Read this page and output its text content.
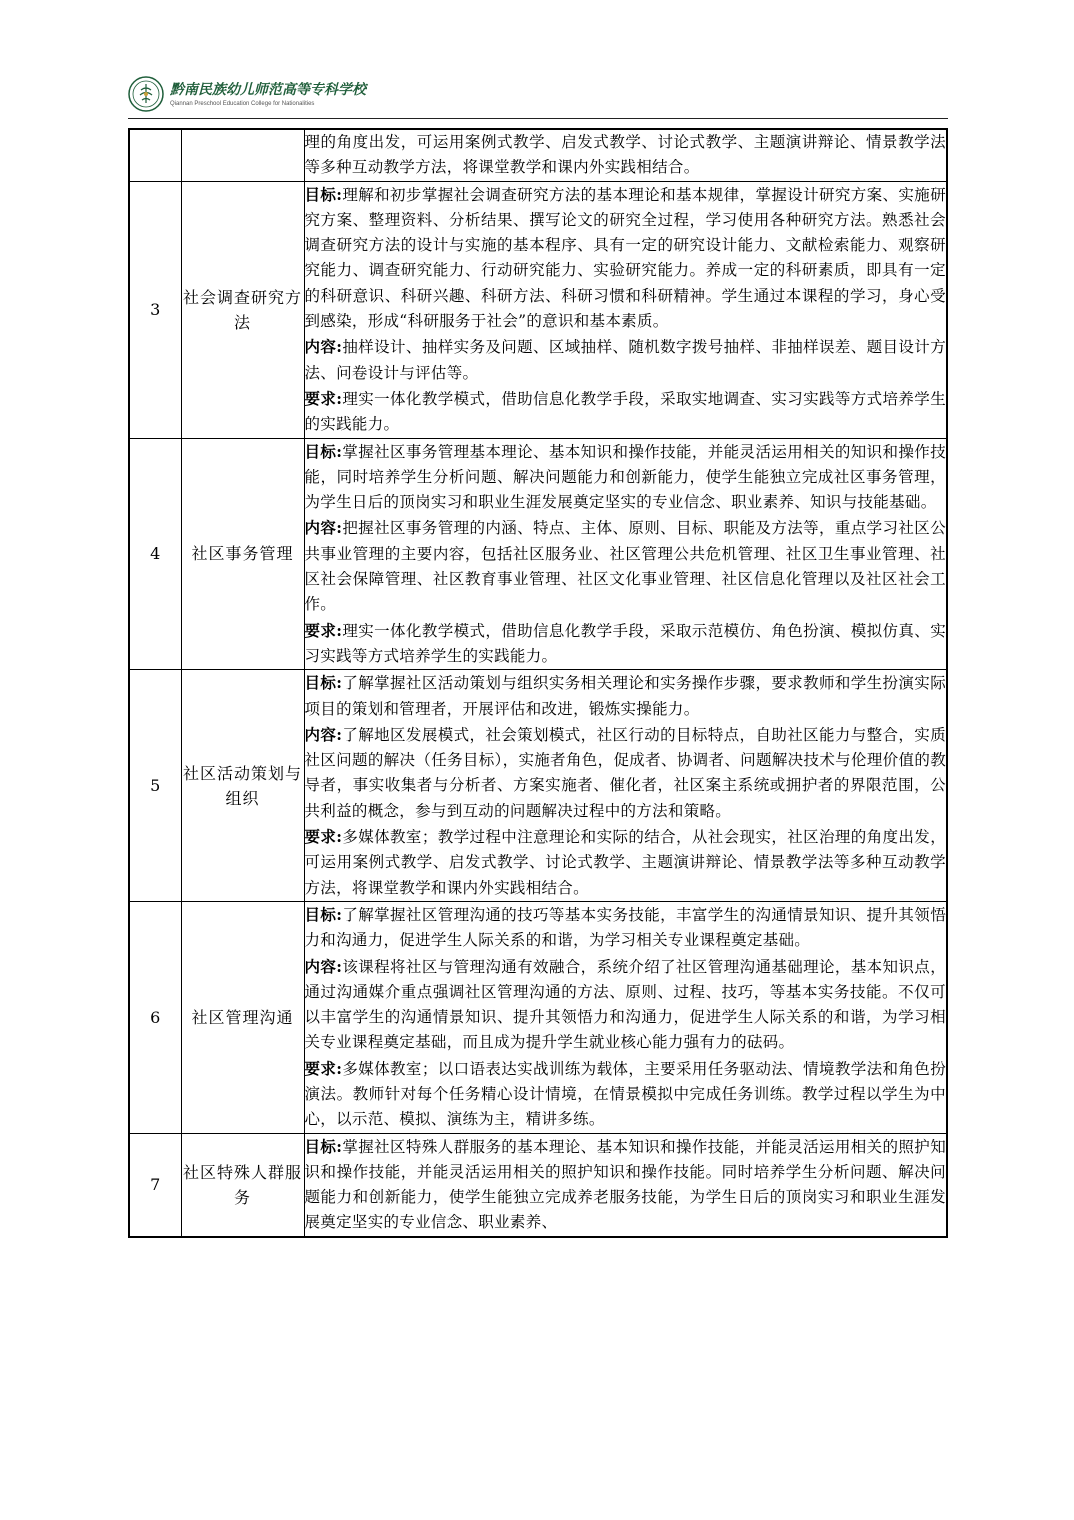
黔南民族幼儿师范高等专科学校
Qiannan Preschool Education College for Nationalities

		理的角度出发，可运用案例式教学、启发式教学、讨论式教学、主题演讲辩论、情景教学法等多种互动教学方法，将课堂教学和课内外实践相结合。

3	社会调查研究方法	目标:理解和初步掌握社会调查研究方法的基本理论和基本规律，掌握设计研究方案、实施研究方案、整理资料、分析结果、撰写论文的研究全过程，学习使用各种研究方法。熟悉社会调查研究方法的设计与实施的基本程序、具有一定的研究设计能力、文献检索能力、观察研究能力、调查研究能力、行动研究能力、实验研究能力。养成一定的科研素质，即具有一定的科研意识、科研兴趣、科研方法、科研习惯和科研精神。学生通过本课程的学习，身心受到感染，形成“科研服务于社会”的意识和基本素质。

内容:抽样设计、抽样实务及问题、区域抽样、随机数字拨号抽样、非抽样误差、题目设计方法、问卷设计与评估等。

要求:理实一体化教学模式，借助信息化教学手段，采取实地调查、实习实践等方式培养学生的实践能力。

4	社区事务管理	目标:掌握社区事务管理基本理论、基本知识和操作技能，并能灵活运用相关的知识和操作技能，同时培养学生分析问题、解决问题能力和创新能力，使学生能独立完成社区事务管理，为学生日后的顶岗实习和职业生涯发展奠定坚实的专业信念、职业素养、知识与技能基础。

内容:把握社区事务管理的内涵、特点、主体、原则、目标、职能及方法等，重点学习社区公共事业管理的主要内容，包括社区服务业、社区管理公共危机管理、社区卫生事业管理、社区社会保障管理、社区教育事业管理、社区文化事业管理、社区信息化管理以及社区社会工作。

要求:理实一体化教学模式，借助信息化教学手段，采取示范模仿、角色扮演、模拟仿真、实习实践等方式培养学生的实践能力。

5	社区活动策划与组织	目标:了解掌握社区活动策划与组织实务相关理论和实务操作步骤，要求教师和学生扮演实际项目的策划和管理者，开展评估和改进，锻炼实操能力。

内容:了解地区发展模式，社会策划模式，社区行动的目标特点，自助社区能力与整合，实质社区问题的解决（任务目标），实施者角色，促成者、协调者、问题解决技术与伦理价值的教导者，事实收集者与分析者、方案实施者、催化者，社区案主系统或拥护者的界限范围，公共利益的概念，参与到互动的问题解决过程中的方法和策略。

要求:多媒体教室；教学过程中注意理论和实际的结合，从社会现实，社区治理的角度出发，可运用案例式教学、启发式教学、讨论式教学、主题演讲辩论、情景教学法等多种互动教学方法，将课堂教学和课内外实践相结合。

6	社区管理沟通	目标:了解掌握社区管理沟通的技巧等基本实务技能，丰富学生的沟通情景知识、提升其领悟力和沟通力，促进学生人际关系的和谐，为学习相关专业课程奠定基础。

内容:该课程将社区与管理沟通有效融合，系统介绍了社区管理沟通基础理论，基本知识点，通过沟通媒介重点强调社区管理沟通的方法、原则、过程、技巧，等基本实务技能。不仅可以丰富学生的沟通情景知识、提升其领悟力和沟通力，促进学生人际关系的和谐，为学习相关专业课程奠定基础，而且成为提升学生就业核心能力强有力的砝码。

要求:多媒体教室；以口语表达实战训练为载体，主要采用任务驱动法、情境教学法和角色扮演法。教师针对每个任务精心设计情境，在情景模拟中完成任务训练。教学过程以学生为中心，以示范、模拟、演练为主，精讲多练。

7	社区特殊人群服务	目标:掌握社区特殊人群服务的基本理论、基本知识和操作技能，并能灵活运用相关的照护知识和操作技能，并能灵活运用相关的照护知识和操作技能。同时培养学生分析问题、解决问题能力和创新能力，使学生能独立完成养老服务技能，为学生日后的顶岗实习和职业生涯发展奠定坚实的专业信念、职业素养、
